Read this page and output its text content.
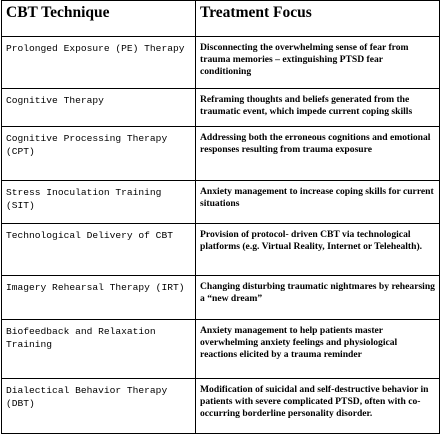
CBT Technique	Treatment Focus
Prolonged Exposure (PE) Therapy	Disconnecting the overwhelming sense of fear from trauma memories – extinguishing PTSD fear conditioning
Cognitive Therapy	Reframing thoughts and beliefs generated from the traumatic event, which impede current coping skills
Cognitive Processing Therapy (CPT)	Addressing both the erroneous cognitions and emotional responses resulting from trauma exposure
Stress Inoculation Training (SIT)	Anxiety management to increase coping skills for current situations
Technological Delivery of CBT	Provision of protocol- driven CBT via technological platforms (e.g. Virtual Reality, Internet or Telehealth).
Imagery Rehearsal Therapy (IRT)	Changing disturbing traumatic nightmares by rehearsing a “new dream”
Biofeedback and Relaxation Training	Anxiety management to help patients master overwhelming anxiety feelings and physiological reactions elicited by a trauma reminder
Dialectical Behavior Therapy (DBT)	Modification of suicidal and self-destructive behavior in patients with severe complicated PTSD, often with co-occurring borderline personality disorder.
